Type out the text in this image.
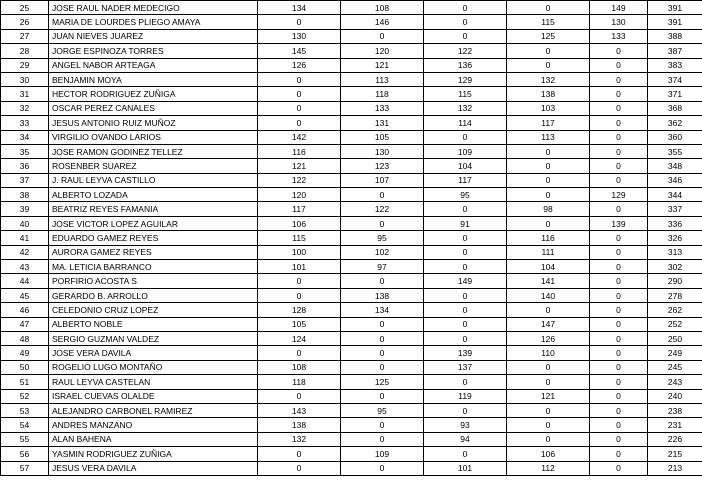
25	JOSE RAUL NADER MEDECIGO	134	108	0	0	149	391
26	MARIA DE LOURDES PLIEGO AMAYA	0	146	0	115	130	391
27	JUAN NIEVES JUAREZ	130	0	0	125	133	388
28	JORGE ESPINOZA TORRES	145	120	122	0	0	387
29	ANGEL NABOR ARTEAGA	126	121	136	0	0	383
30	BENJAMIN MOYA	0	113	129	132	0	374
31	HECTOR RODRIGUEZ ZUÑIGA	0	118	115	138	0	371
32	OSCAR PEREZ CANALES	0	133	132	103	0	368
33	JESUS ANTONIO RUIZ MUÑOZ	0	131	114	117	0	362
34	VIRGILIO OVANDO LARIOS	142	105	0	113	0	360
35	JOSE RAMON GODINEZ TELLEZ	116	130	109	0	0	355
36	ROSENBER SUAREZ	121	123	104	0	0	348
37	J. RAUL LEYVA CASTILLO	122	107	117	0	0	346
38	ALBERTO LOZADA	120	0	95	0	129	344
39	BEATRIZ REYES FAMANIA	117	122	0	98	0	337
40	JOSE VICTOR LOPEZ AGUILAR	106	0	91	0	139	336
41	EDUARDO GAMEZ REYES	115	95	0	116	0	326
42	AURORA GAMEZ REYES	100	102	0	111	0	313
43	MA. LETICIA BARRANCO	101	97	0	104	0	302
44	PORFIRIO ACOSTA S	0	0	149	141	0	290
45	GERARDO B. ARROLLO	0	138	0	140	0	278
46	CELEDONIO CRUZ LOPEZ	128	134	0	0	0	262
47	ALBERTO NOBLE	105	0	0	147	0	252
48	SERGIO GUZMAN VALDEZ	124	0	0	126	0	250
49	JOSE VERA DAVILA	0	0	139	110	0	249
50	ROGELIO LUGO MONTAÑO	108	0	137	0	0	245
51	RAUL LEYVA CASTELAN	118	125	0	0	0	243
52	ISRAEL CUEVAS OLALDE	0	0	119	121	0	240
53	ALEJANDRO CARBONEL RAMIREZ	143	95	0	0	0	238
54	ANDRES MANZANO	138	0	93	0	0	231
55	ALAN BAHENA	132	0	94	0	0	226
56	YASMIN RODRIGUEZ ZUÑIGA	0	109	0	106	0	215
57	JESUS VERA DAVILA	0	0	101	112	0	213
